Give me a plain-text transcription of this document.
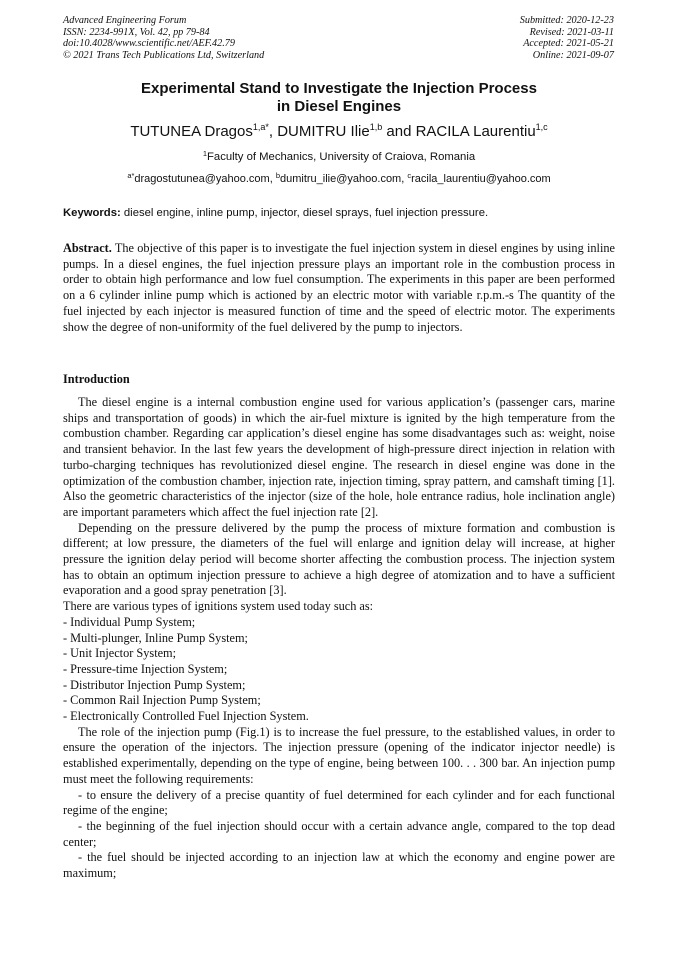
Advanced Engineering Forum
ISSN: 2234-991X, Vol. 42, pp 79-84
doi:10.4028/www.scientific.net/AEF.42.79
© 2021 Trans Tech Publications Ltd, Switzerland
Submitted: 2020-12-23
Revised: 2021-03-11
Accepted: 2021-05-21
Online: 2021-09-07
Experimental Stand to Investigate the Injection Process
in Diesel Engines
TUTUNEA Dragos$^{1,a*}$, DUMITRU Ilie$^{1,b}$ and RACILA Laurentiu$^{1,c}$
$^1$Faculty of Mechanics, University of Craiova, Romania
$^{a*}$dragostutunea@yahoo.com, $^b$dumitru_ilie@yahoo.com, $^c$racila_laurentiu@yahoo.com
Keywords: diesel engine, inline pump, injector, diesel sprays, fuel injection pressure.

Abstract. The objective of this paper is to investigate the fuel injection system in diesel engines by using inline pumps. In a diesel engines, the fuel injection pressure plays an important role in the combustion process in order to obtain high performance and low fuel consumption. The experiments in this paper are been performed on a 6 cylinder inline pump which is actioned by an electric motor with variable r.p.m.-s The quantity of the fuel injected by each injector is measured function of time and the speed of electric motor. The experiments show the degree of non-uniformity of the fuel delivered by the pump to injectors.

Introduction

The diesel engine is a internal combustion engine used for various application’s (passenger cars, marine ships and transportation of goods) in which the air-fuel mixture is ignited by the high temperature from the combustion chamber. Regarding car application’s diesel engine has some disadvantages such as: weight, noise and transient behavior. In the last few years the development of high-pressure direct injection in relation with turbo-charging techniques has revolutionized diesel engine. The research in diesel engine was done in the optimization of the combustion chamber, injection rate, injection timing, spray pattern, and camshaft timing [1]. Also the geometric characteristics of the injector (size of the hole, hole entrance radius, hole inclination angle) are important parameters which affect the fuel injection rate [2].

Depending on the pressure delivered by the pump the process of mixture formation and combustion is different; at low pressure, the diameters of the fuel will enlarge and ignition delay will increase, at higher pressure the ignition delay period will become shorter affecting the combustion process. The injection system has to obtain an optimum injection pressure to achieve a high degree of atomization and to have a sufficient evaporation and a good spray penetration [3].

There are various types of ignitions system used today such as:
- Individual Pump System;
- Multi-plunger, Inline Pump System;
- Unit Injector System;
- Pressure-time Injection System;
- Distributor Injection Pump System;
- Common Rail Injection Pump System;
- Electronically Controlled Fuel Injection System.

The role of the injection pump (Fig.1) is to increase the fuel pressure, to the established values, in order to ensure the operation of the injectors. The injection pressure (opening of the indicator injector needle) is established experimentally, depending on the type of engine, being between 100. . . 300 bar. An injection pump must meet the following requirements:

- to ensure the delivery of a precise quantity of fuel determined for each cylinder and for each functional regime of the engine;

- the beginning of the fuel injection should occur with a certain advance angle, compared to the top dead center;

- the fuel should be injected according to an injection law at which the economy and engine power are maximum;
